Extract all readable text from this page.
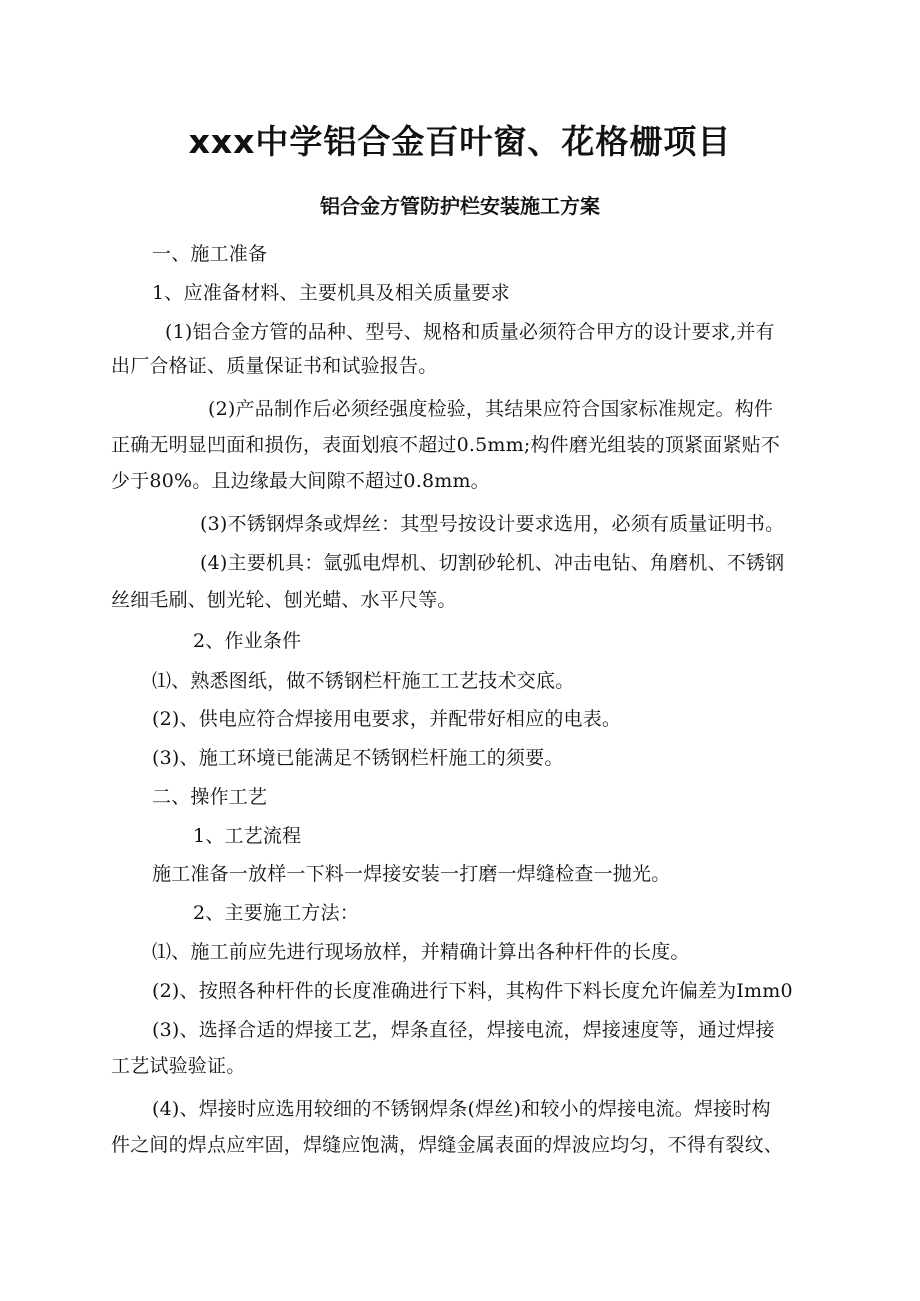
xxx中学铝合金百叶窗、花格栅项目
铝合金方管防护栏安装施工方案
一、施工准备
1、应准备材料、主要机具及相关质量要求
(1)铝合金方管的品种、型号、规格和质量必须符合甲方的设计要求,并有
出厂合格证、质量保证书和试验报告。
(2)产品制作后必须经强度检验，其结果应符合国家标准规定。构件
正确无明显凹面和损伤，表面划痕不超过0.5mm;构件磨光组装的顶紧面紧贴不
少于80%。且边缘最大间隙不超过0.8mm。
(3)不锈钢焊条或焊丝：其型号按设计要求选用，必须有质量证明书。
(4)主要机具：氩弧电焊机、切割砂轮机、冲击电钻、角磨机、不锈钢
丝细毛刷、刨光轮、刨光蜡、水平尺等。
2、作业条件
⑴、熟悉图纸，做不锈钢栏杆施工工艺技术交底。
(2)、供电应符合焊接用电要求，并配带好相应的电表。
(3)、施工环境已能满足不锈钢栏杆施工的须要。
二、操作工艺
1、工艺流程
施工准备一放样一下料一焊接安装一打磨一焊缝检查一抛光。
2、主要施工方法：
⑴、施工前应先进行现场放样，并精确计算出各种杆件的长度。
(2)、按照各种杆件的长度准确进行下料，其构件下料长度允许偏差为Imm0
(3)、选择合适的焊接工艺，焊条直径，焊接电流，焊接速度等，通过焊接
工艺试验验证。
(4)、焊接时应选用较细的不锈钢焊条(焊丝)和较小的焊接电流。焊接时构
件之间的焊点应牢固，焊缝应饱满，焊缝金属表面的焊波应均匀，不得有裂纹、
